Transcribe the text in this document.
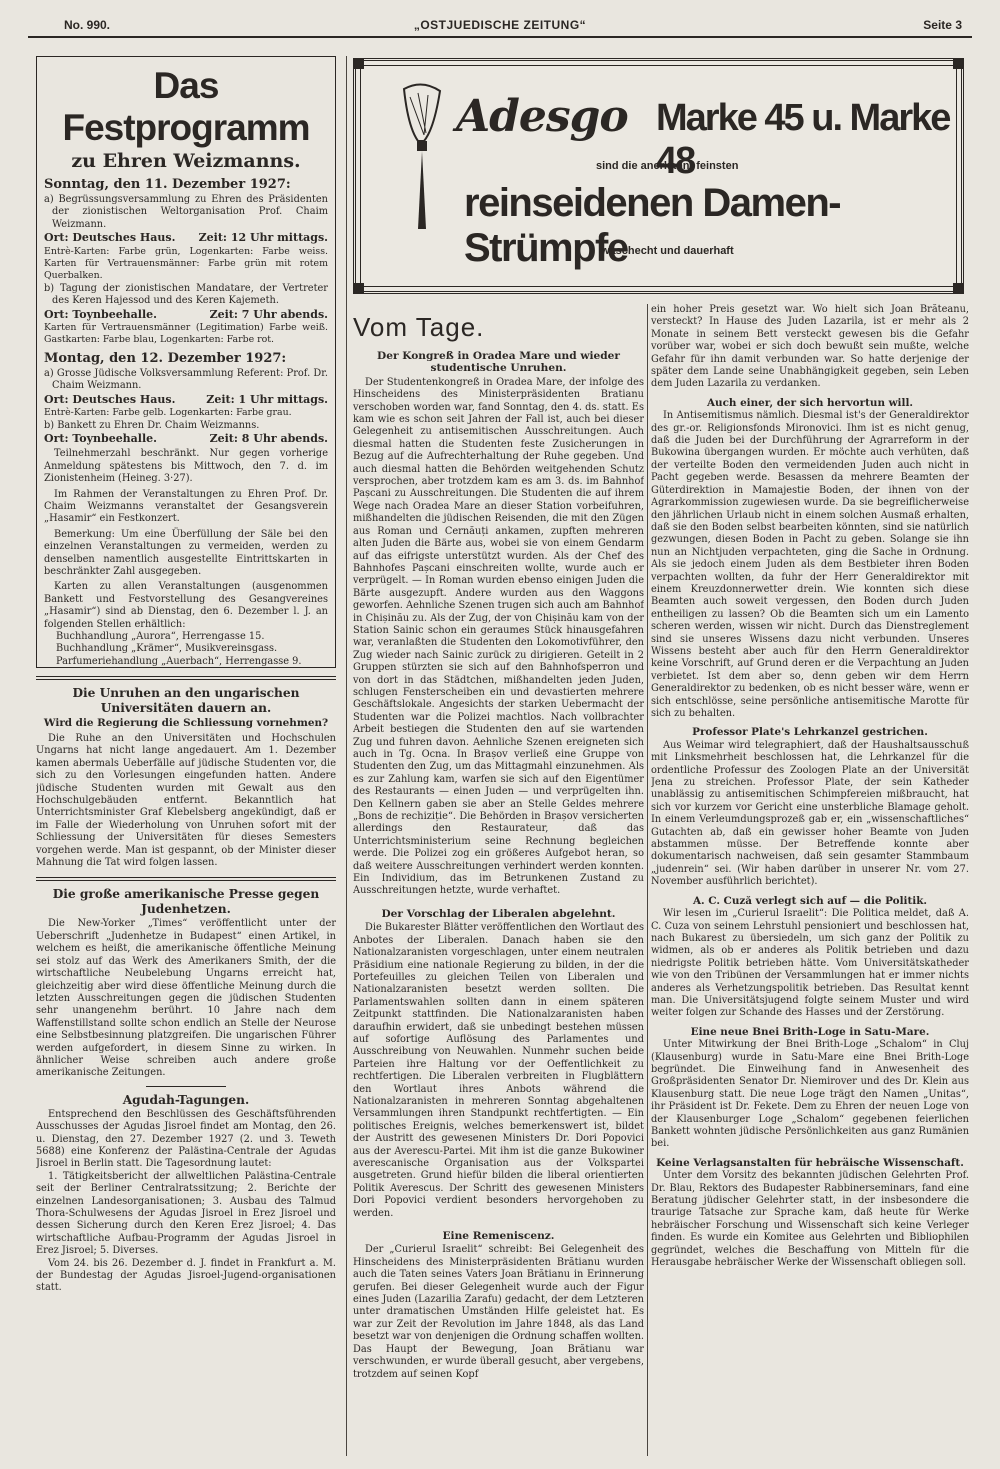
No. 990.	„OSTJUEDISCHE ZEITUNG“	Seite 3
Das Festprogramm
zu Ehren Weizmanns.

Sonntag, den 11. Dezember 1927:

a) Begrüssungsversammlung zu Ehren des Präsidenten der zionistischen Weltorganisation Prof. Chaim Weizmann.

Ort: Deutsches Haus. Zeit: 12 Uhr mittags.

Entrè-Karten: Farbe grün, Logenkarten: Farbe weiss. Karten für Vertrauensmänner: Farbe grün mit rotem Querbalken.

b) Tagung der zionistischen Mandatare, der Vertreter des Keren Hajessod und des Keren Kajemeth.

Ort: Toynbeehalle.	Zeit: 7 Uhr abends.

Karten für Vertrauensmänner (Legitimation) Farbe weiß. Gastkarten: Farbe blau, Logenkarten: Farbe rot.

Montag, den 12. Dezember 1927:

a) Grosse Jüdische Volksversammlung Referent: Prof. Dr. Chaim Weizmann.

Ort: Deutsches Haus.	Zeit: 1 Uhr mittags.

Entrè-Karten: Farbe gelb. Logenkarten: Farbe grau.

b) Bankett zu Ehren Dr. Chaim Weizmanns.

Ort: Toynbeehalle.	Zeit: 8 Uhr abends.

Teilnehmerzahl beschränkt. Nur gegen vorherige Anmeldung spätestens bis Mittwoch, den 7. d. im Zionistenheim (Heineg. 3·27).

Im Rahmen der Veranstaltungen zu Ehren Prof. Dr. Chaim Weizmanns veranstaltet der Gesangsverein „Hasamir“ ein Festkonzert.

Bemerkung: Um eine Überfüllung der Säle bei den einzelnen Veranstaltungen zu vermeiden, werden zu denselben namentlich ausgestellte Eintrittskarten in beschränkter Zahl ausgegeben.

Karten zu allen Veranstaltungen (ausgenommen Bankett und Festvorstellung des Gesangvereines „Hasamir“) sind ab Dienstag, den 6. Dezember l. J. an folgenden Stellen erhältlich:

Buchhandlung „Aurora“, Herrengasse 15.

Buchhandlung „Krämer“, Musikvereinsgass.

Parfumeriehandlung „Auerbach“, Herrengasse 9.

Die Unruhen an den ungarischen Universitäten dauern an.
Wird die Regierung die Schliessung vornehmen?

Die Ruhe an den Universitäten und Hochschulen Ungarns hat nicht lange angedauert. Am 1. Dezember kamen abermals Ueberfälle auf jüdische Studenten vor, die sich zu den Vorlesungen eingefunden hatten. Andere jüdische Studenten wurden mit Gewalt aus den Hochschulgebäuden entfernt. Bekanntlich hat Unterrichtsminister Graf Klebelsberg angekündigt, daß er im Falle der Wiederholung von Unruhen sofort mit der Schliessung der Universitäten für dieses Semesters vorgehen werde. Man ist gespannt, ob der Minister dieser Mahnung die Tat wird folgen lassen.

Die große amerikanische Presse gegen Judenhetzen.

Die New-Yorker „Times“ veröffentlicht unter der Ueberschrift „Judenhetze in Budapest“ einen Artikel, in welchem es heißt, die amerikanische öffentliche Meinung sei stolz auf das Werk des Amerikaners Smith, der die wirtschaftliche Neubelebung Ungarns erreicht hat, gleichzeitig aber wird diese öffentliche Meinung durch die letzten Ausschreitungen gegen die jüdischen Studenten sehr unangenehm berührt. 10 Jahre nach dem Waffenstillstand sollte schon endlich an Stelle der Neurose eine Selbstbesinnung platzgreifen. Die ungarischen Führer werden aufgefordert, in diesem Sinne zu wirken. In ähnlicher Weise schreiben auch andere große amerikanische Zeitungen.

Agudah-Tagungen.

Entsprechend den Beschlüssen des Geschäftsführenden Ausschusses der Agudas Jisroel findet am Montag, den 26. u. Dienstag, den 27. Dezember 1927 (2. und 3. Teweth 5688) eine Konferenz der Palästina-Centrale der Agudas Jisroel in Berlin statt. Die Tagesordnung lautet:

1. Tätigkeitsbericht der allweltlichen Palästina-Centrale seit der Berliner Centralratssitzung; 2. Berichte der einzelnen Landesorganisationen; 3. Ausbau des Talmud Thora-Schulwesens der Agudas Jisroel in Erez Jisroel und dessen Sicherung durch den Keren Erez Jisroel; 4. Das wirtschaftliche Aufbau-Programm der Agudas Jisroel in Erez Jisroel; 5. Diverses.

Vom 24. bis 26. Dezember d. J. findet in Frankfurt a. M. der Bundestag der Agudas Jisroel-Jugend-organisationen statt.

Adesgo Marke 45 u. Marke 48
sind die anerkannt feinsten
reinseidenen Damen-Strümpfe
waschecht und dauerhaft
Vom Tage.
Der Kongreß in Oradea Mare und wieder studentische Unruhen.

Der Studentenkongreß in Oradea Mare, der infolge des Hinscheidens des Ministerpräsidenten Bratianu verschoben worden war, fand Sonntag, den 4. ds. statt. Es kam wie es schon seit Jahren der Fall ist, auch bei dieser Gelegenheit zu antisemitischen Ausschreitungen. Auch diesmal hatten die Studenten feste Zusicherungen in Bezug auf die Aufrechterhaltung der Ruhe gegeben. Und auch diesmal hatten die Behörden weitgehenden Schutz versprochen, aber trotzdem kam es am 3. ds. im Bahnhof Pașcani zu Ausschreitungen. Die Studenten die auf ihrem Wege nach Oradea Mare an dieser Station vorbeifuhren, mißhandelten die jüdischen Reisenden, die mit den Zügen aus Roman und Cernăuți ankamen, zupften mehreren alten Juden die Bärte aus, wobei sie von einem Gendarm auf das eifrigste unterstützt wurden. Als der Chef des Bahnhofes Pașcani einschreiten wollte, wurde auch er verprügelt. — In Roman wurden ebenso einigen Juden die Bärte ausgezupft. Andere wurden aus den Waggons geworfen. Aehnliche Szenen trugen sich auch am Bahnhof in Chișinău zu. Als der Zug, der von Chișinău kam von der Station Sainic schon ein geraumes Stück hinausgefahren war, veranlaßten die Studenten den Lokomotivführer, den Zug wieder nach Sainic zurück zu dirigieren. Geteilt in 2 Gruppen stürzten sie sich auf den Bahnhofsperron und von dort in das Städtchen, mißhandelten jeden Juden, schlugen Fensterscheiben ein und devastierten mehrere Geschäftslokale. Angesichts der starken Uebermacht der Studenten war die Polizei machtlos. Nach vollbrachter Arbeit bestiegen die Studenten den auf sie wartenden Zug und fuhren davon. Aehnliche Szenen ereigneten sich auch in Tg. Ocna. In Brașov verließ eine Gruppe von Studenten den Zug, um das Mittagmahl einzunehmen. Als es zur Zahlung kam, warfen sie sich auf den Eigentümer des Restaurants — einen Juden — und verprügelten ihn. Den Kellnern gaben sie aber an Stelle Geldes mehrere „Bons de rechiziție“. Die Behörden in Brașov versicherten allerdings den Restaurateur, daß das Unterrichtsministerium seine Rechnung begleichen werde. Die Polizei zog ein größeres Aufgebot heran, so daß weitere Ausschreitungen verhindert werden konnten. Ein Individium, das im Betrunkenen Zustand zu Ausschreitungen hetzte, wurde verhaftet.

Der Vorschlag der Liberalen abgelehnt.

Die Bukarester Blätter veröffentlichen den Wortlaut des Anbotes der Liberalen. Danach haben sie den Nationalzaranisten vorgeschlagen, unter einem neutralen Präsidium eine nationale Regierung zu bilden, in der die Portefeuilles zu gleichen Teilen von Liberalen und Nationalzaranisten besetzt werden sollten. Die Parlamentswahlen sollten dann in einem späteren Zeitpunkt stattfinden. Die Nationalzaranisten haben daraufhin erwidert, daß sie unbedingt bestehen müssen auf sofortige Auflösung des Parlamentes und Ausschreibung von Neuwahlen. Nunmehr suchen beide Parteien ihre Haltung vor der Oeffentlichkeit zu rechtfertigen. Die Liberalen verbreiten in Flugblättern den Wortlaut ihres Anbots während die Nationalzaranisten in mehreren Sonntag abgehaltenen Versammlungen ihren Standpunkt rechtfertigten. — Ein politisches Ereignis, welches bemerkenswert ist, bildet der Austritt des gewesenen Ministers Dr. Dori Popovici aus der Averescu-Partei. Mit ihm ist die ganze Bukowiner averescanische Organisation aus der Volkspartei ausgetreten. Grund hiefür bilden die liberal orientierten Politik Averescus. Der Schritt des gewesenen Ministers Dori Popovici verdient besonders hervorgehoben zu werden.

Eine Remeniscenz.

Der „Curierul Israelit“ schreibt: Bei Gelegenheit des Hinscheidens des Ministerpräsidenten Brătianu wurden auch die Taten seines Vaters Joan Brătianu in Erinnerung gerufen. Bei dieser Gelegenheit wurde auch der Figur eines Juden (Lazarilia Zarafu) gedacht, der dem Letzteren unter dramatischen Umständen Hilfe geleistet hat. Es war zur Zeit der Revolution im Jahre 1848, als das Land besetzt war von denjenigen die Ordnung schaffen wollten. Das Haupt der Bewegung, Joan Brătianu war verschwunden, er wurde überall gesucht, aber vergebens, trotzdem auf seinen Kopf

ein hoher Preis gesetzt war. Wo hielt sich Joan Brăteanu, versteckt? In Hause des Juden Lazarila, ist er mehr als 2 Monate in seinem Bett versteckt gewesen bis die Gefahr vorüber war, wobei er sich doch bewußt sein mußte, welche Gefahr für ihn damit verbunden war. So hatte derjenige der später dem Lande seine Unabhängigkeit gegeben, sein Leben dem Juden Lazarila zu verdanken.

Auch einer, der sich hervortun will.

In Antisemitismus nämlich. Diesmal ist's der Generaldirektor des gr.-or. Religionsfonds Mironovici. Ihm ist es nicht genug, daß die Juden bei der Durchführung der Agrarreform in der Bukowina übergangen wurden. Er möchte auch verhüten, daß der verteilte Boden den vermeidenden Juden auch nicht in Pacht gegeben werde. Besassen da mehrere Beamten der Güterdirektion in Mamajestie Boden, der ihnen von der Agrarkommission zugewiesen wurde. Da sie begreiflicherweise den jährlichen Urlaub nicht in einem solchen Ausmaß erhalten, daß sie den Boden selbst bearbeiten könnten, sind sie natürlich gezwungen, diesen Boden in Pacht zu geben. Solange sie ihn nun an Nichtjuden verpachteten, ging die Sache in Ordnung. Als sie jedoch einem Juden als dem Bestbieter ihren Boden verpachten wollten, da fuhr der Herr Generaldirektor mit einem Kreuzdonnerwetter drein. Wie konnten sich diese Beamten auch soweit vergessen, den Boden durch Juden entheiligen zu lassen? Ob die Beamten sich um ein Lamento scheren werden, wissen wir nicht. Durch das Dienstreglement sind sie unseres Wissens dazu nicht verbunden. Unseres Wissens besteht aber auch für den Herrn Generaldirektor keine Vorschrift, auf Grund deren er die Verpachtung an Juden verbietet. Ist dem aber so, denn geben wir dem Herrn Generaldirektor zu bedenken, ob es nicht besser wäre, wenn er sich entschlösse, seine persönliche antisemitische Marotte für sich zu behalten.

Professor Plate's Lehrkanzel gestrichen.

Aus Weimar wird telegraphiert, daß der Haushaltsausschuß mit Linksmehrheit beschlossen hat, die Lehrkanzel für die ordentliche Professur des Zoologen Plate an der Universität Jena zu streichen. Professor Plate, der sein Katheder unablässig zu antisemitischen Schimpfereien mißbraucht, hat sich vor kurzem vor Gericht eine unsterbliche Blamage geholt. In einem Verleumdungsprozeß gab er, ein „wissenschaftliches“ Gutachten ab, daß ein gewisser hoher Beamte von Juden abstammen müsse. Der Betreffende konnte aber dokumentarisch nachweisen, daß sein gesamter Stammbaum „judenrein“ sei. (Wir haben darüber in unserer Nr. vom 27. November ausführlich berichtet).

A. C. Cuză verlegt sich auf — die Politik.

Wir lesen im „Curierul Israelit“: Die Politica meldet, daß A. C. Cuza von seinem Lehrstuhl pensioniert und beschlossen hat, nach Bukarest zu übersiedeln, um sich ganz der Politik zu widmen, als ob er anderes als Politik betrieben und dazu niedrigste Politik betrieben hätte. Vom Universitätskatheder wie von den Tribünen der Versammlungen hat er immer nichts anderes als Verhetzungspolitik betrieben. Das Resultat kennt man. Die Universitätsjugend folgte seinem Muster und wird weiter folgen zur Schande des Hasses und der Zerstörung.

Eine neue Bnei Brith-Loge in Satu-Mare.

Unter Mitwirkung der Bnei Brith-Loge „Schalom“ in Cluj (Klausenburg) wurde in Satu-Mare eine Bnei Brith-Loge begründet. Die Einweihung fand in Anwesenheit des Großpräsidenten Senator Dr. Niemirover und des Dr. Klein aus Klausenburg statt. Die neue Loge trägt den Namen „Unitas“, ihr Präsident ist Dr. Fekete. Dem zu Ehren der neuen Loge von der Klausenburger Loge „Schalom“ gegebenen feierlichen Bankett wohnten jüdische Persönlichkeiten aus ganz Rumänien bei.

Keine Verlagsanstalten für hebräische Wissenschaft.

Unter dem Vorsitz des bekannten jüdischen Gelehrten Prof. Dr. Blau, Rektors des Budapester Rabbinerseminars, fand eine Beratung jüdischer Gelehrter statt, in der insbesondere die traurige Tatsache zur Sprache kam, daß heute für Werke hebräischer Forschung und Wissenschaft sich keine Verleger finden. Es wurde ein Komitee aus Gelehrten und Bibliophilen gegründet, welches die Beschaffung von Mitteln für die Herausgabe hebräischer Werke der Wissenschaft obliegen soll.
